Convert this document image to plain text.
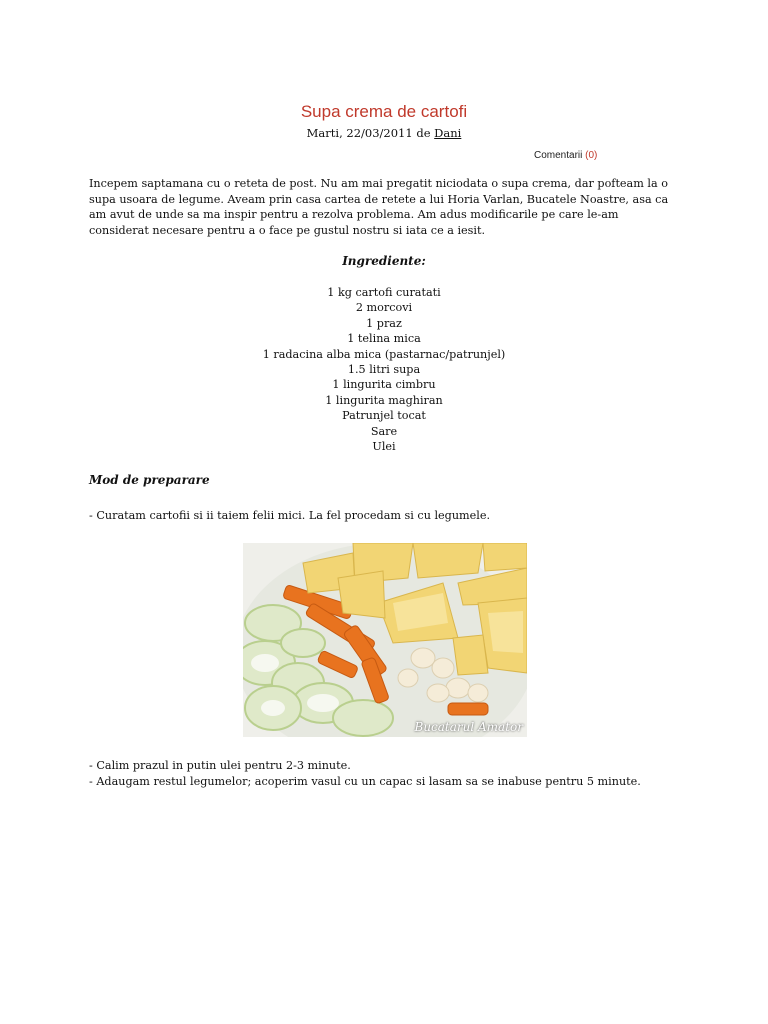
Supa crema de cartofi
Marti, 22/03/2011 de Dani
Comentarii (0)
Incepem saptamana cu o reteta de post. Nu am mai pregatit niciodata o supa crema, dar pofteam la o supa usoara de legume. Aveam prin casa cartea de retete a lui Horia Varlan, Bucatele Noastre, asa ca am avut de unde sa ma inspir pentru a rezolva problema. Am adus modificarile pe care le-am considerat necesare pentru a o face pe gustul nostru si iata ce a iesit.
Ingrediente:
1 kg cartofi curatati
2 morcovi
1 praz
1 telina mica
1 radacina alba mica (pastarnac/patrunjel)
1.5 litri supa
1 lingurita cimbru
1 lingurita maghiran
Patrunjel tocat
Sare
Ulei
Mod de preparare
- Curatam cartofii si ii taiem felii mici. La fel procedam si cu legumele.
Bucatarul Amator
- Calim prazul in putin ulei pentru 2-3 minute.
- Adaugam restul legumelor; acoperim vasul cu un capac si lasam sa se inabuse pentru 5 minute.
